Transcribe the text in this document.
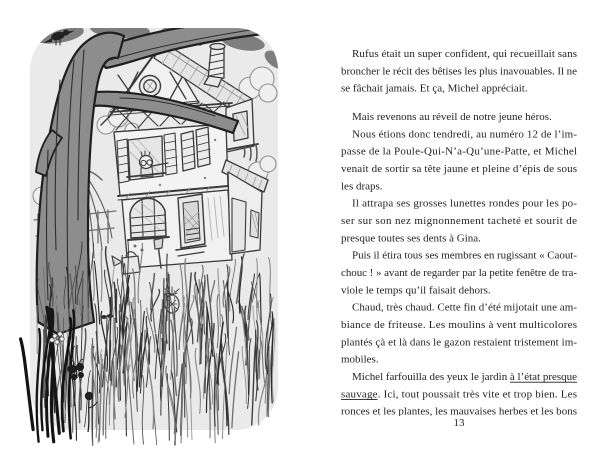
Rufus était un super confident, qui recueillait sans
broncher le récit des bêtises les plus inavouables. Il ne
se fâchait jamais. Et ça, Michel appréciait.
Mais revenons au réveil de notre jeune héros.
Nous étions donc tendredi, au numéro 12 de l’im-
passe de la Poule-Qui-N’a-Qu’une-Patte, et Michel
venait de sortir sa tête jaune et pleine d’épis de sous
les draps.
Il attrapa ses grosses lunettes rondes pour les po-
ser sur son nez mignonnement tacheté et sourit de
presque toutes ses dents à Gina.
Puis il étira tous ses membres en rugissant « Caout-
chouc ! » avant de regarder par la petite fenêtre de tra-
viole le temps qu’il faisait dehors.
Chaud, très chaud. Cette fin d’été mijotait une am-
biance de friteuse. Les moulins à vent multicolores
plantés çà et là dans le gazon restaient tristement im-
mobiles.
Michel farfouilla des yeux le jardin à l’état presque
sauvage. Ici, tout poussait très vite et trop bien. Les
ronces et les plantes, les mauvaises herbes et les bons
13
